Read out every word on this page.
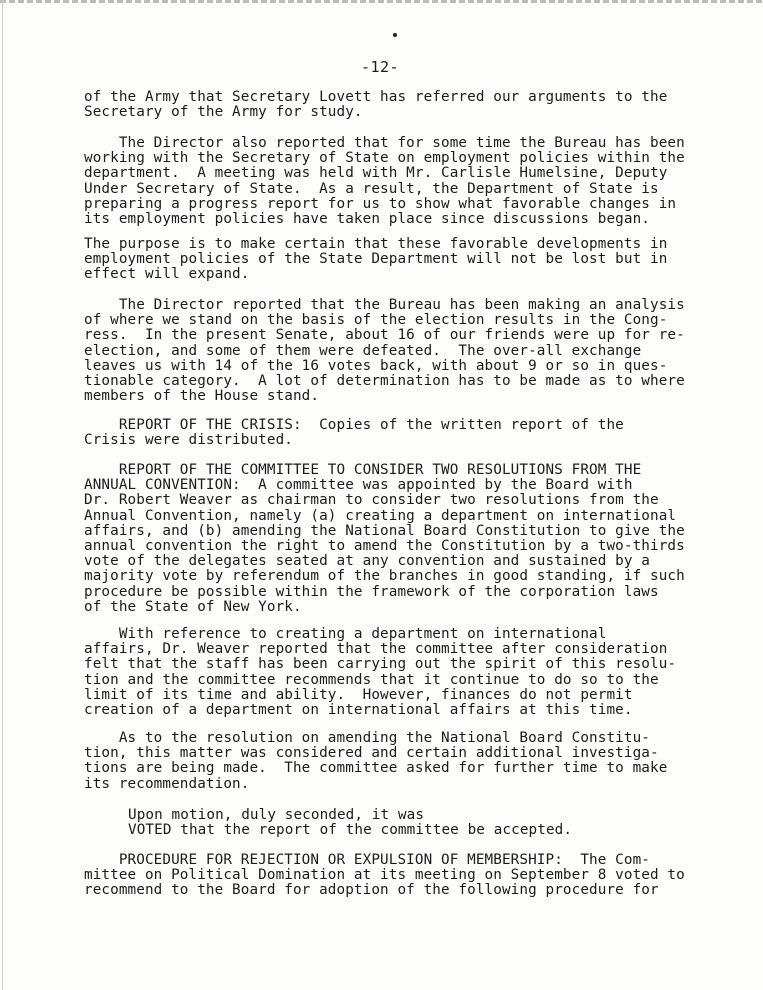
-12-
of the Army that Secretary Lovett has referred our arguments to the
Secretary of the Army for study.
The Director also reported that for some time the Bureau has been
working with the Secretary of State on employment policies within the
department.  A meeting was held with Mr. Carlisle Humelsine, Deputy
Under Secretary of State.  As a result, the Department of State is
preparing a progress report for us to show what favorable changes in
its employment policies have taken place since discussions began.
The purpose is to make certain that these favorable developments in
employment policies of the State Department will not be lost but in
effect will expand.
The Director reported that the Bureau has been making an analysis
of where we stand on the basis of the election results in the Cong-
ress.  In the present Senate, about 16 of our friends were up for re-
election, and some of them were defeated.  The over-all exchange
leaves us with 14 of the 16 votes back, with about 9 or so in ques-
tionable category.  A lot of determination has to be made as to where
members of the House stand.
REPORT OF THE CRISIS:  Copies of the written report of the
Crisis were distributed.
REPORT OF THE COMMITTEE TO CONSIDER TWO RESOLUTIONS FROM THE
ANNUAL CONVENTION:  A committee was appointed by the Board with
Dr. Robert Weaver as chairman to consider two resolutions from the
Annual Convention, namely (a) creating a department on international
affairs, and (b) amending the National Board Constitution to give the
annual convention the right to amend the Constitution by a two-thirds
vote of the delegates seated at any convention and sustained by a
majority vote by referendum of the branches in good standing, if such
procedure be possible within the framework of the corporation laws
of the State of New York.
With reference to creating a department on international
affairs, Dr. Weaver reported that the committee after consideration
felt that the staff has been carrying out the spirit of this resolu-
tion and the committee recommends that it continue to do so to the
limit of its time and ability.  However, finances do not permit
creation of a department on international affairs at this time.
As to the resolution on amending the National Board Constitu-
tion, this matter was considered and certain additional investiga-
tions are being made.  The committee asked for further time to make
its recommendation.
Upon motion, duly seconded, it was
VOTED that the report of the committee be accepted.
PROCEDURE FOR REJECTION OR EXPULSION OF MEMBERSHIP:  The Com-
mittee on Political Domination at its meeting on September 8 voted to
recommend to the Board for adoption of the following procedure for
